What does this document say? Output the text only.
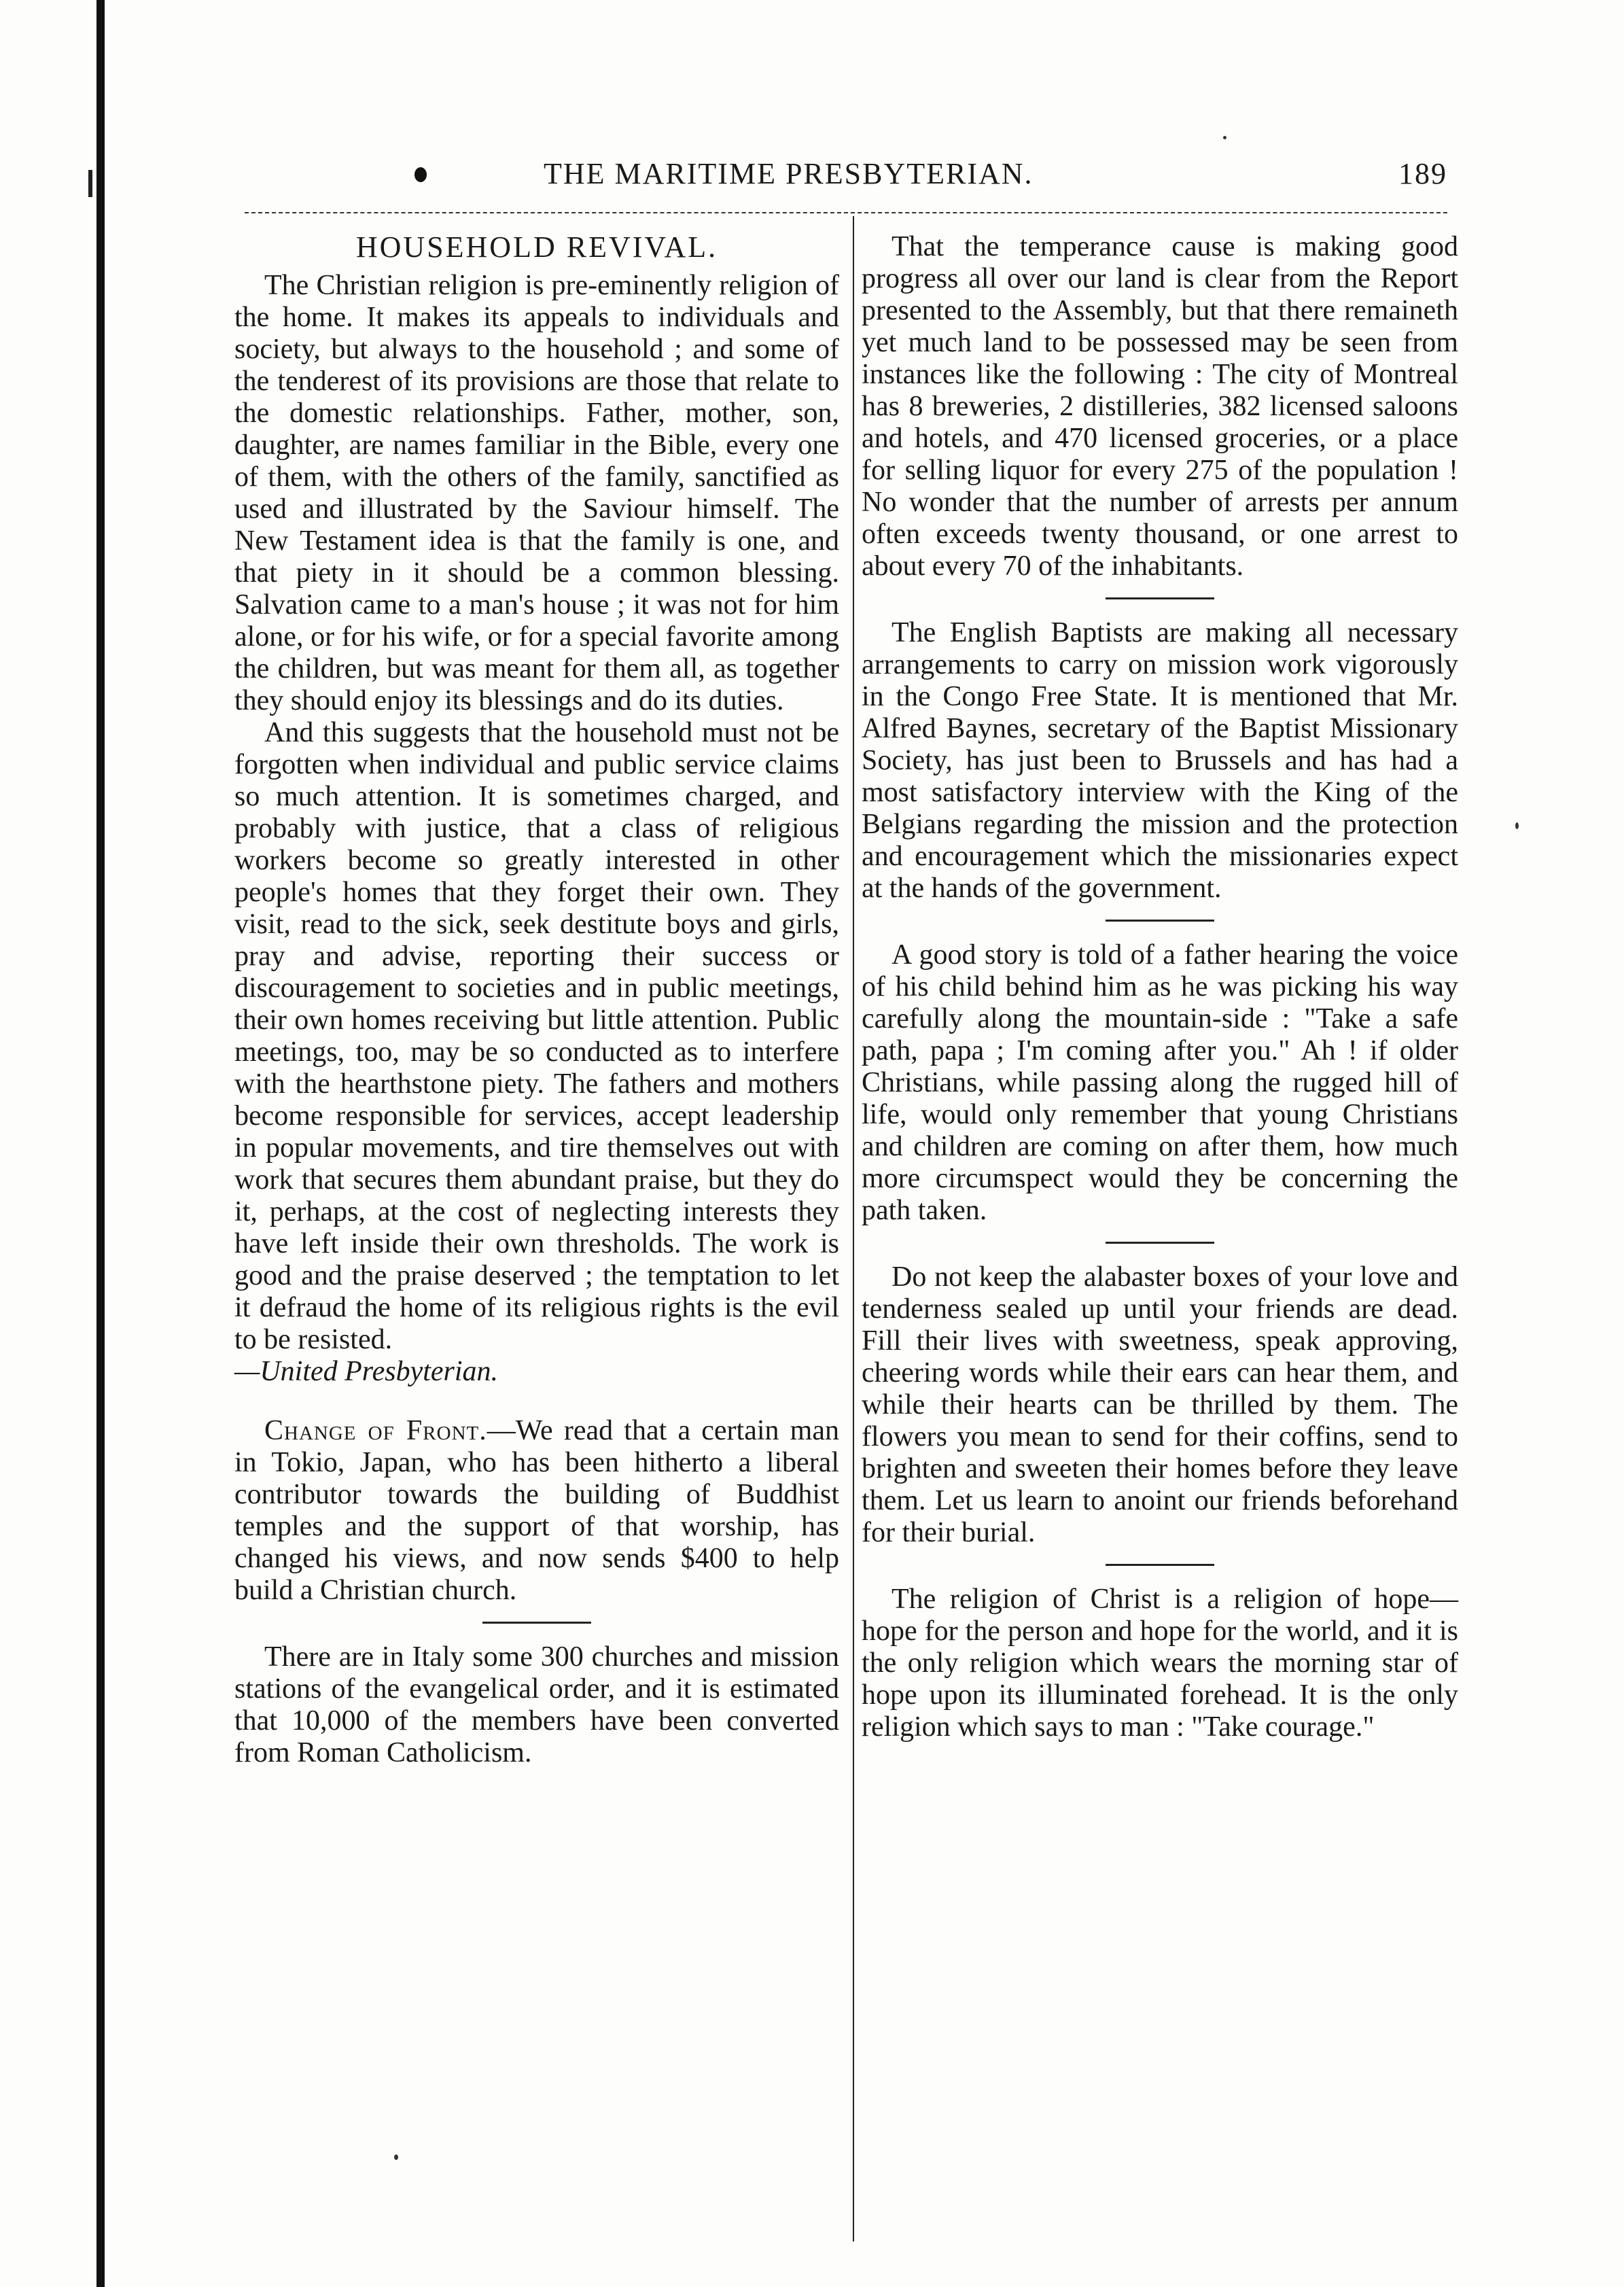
THE MARITIME PRESBYTERIAN.	189
HOUSEHOLD REVIVAL.

The Christian religion is pre-eminently religion of the home. It makes its appeals to individuals and society, but always to the household ; and some of the tenderest of its provisions are those that relate to the domestic relationships. Father, mother, son, daughter, are names familiar in the Bible, every one of them, with the others of the family, sanctified as used and illustrated by the Saviour himself. The New Testament idea is that the family is one, and that piety in it should be a common blessing. Salvation came to a man's house ; it was not for him alone, or for his wife, or for a special favorite among the children, but was meant for them all, as together they should enjoy its blessings and do its duties.

And this suggests that the household must not be forgotten when individual and public service claims so much attention. It is sometimes charged, and probably with justice, that a class of religious workers become so greatly interested in other people's homes that they forget their own. They visit, read to the sick, seek destitute boys and girls, pray and advise, reporting their success or discouragement to societies and in public meetings, their own homes receiving but little attention. Public meetings, too, may be so conducted as to interfere with the hearthstone piety. The fathers and mothers become responsible for services, accept leadership in popular movements, and tire themselves out with work that secures them abundant praise, but they do it, perhaps, at the cost of neglecting interests they have left inside their own thresholds. The work is good and the praise deserved ; the temptation to let it defraud the home of its religious rights is the evil to be resisted.

—United Presbyterian.

Change of Front.—We read that a certain man in Tokio, Japan, who has been hitherto a liberal contributor towards the building of Buddhist temples and the support of that worship, has changed his views, and now sends $400 to help build a Christian church.

There are in Italy some 300 churches and mission stations of the evangelical order, and it is estimated that 10,000 of the members have been converted from Roman Catholicism.

That the temperance cause is making good progress all over our land is clear from the Report presented to the Assembly, but that there remaineth yet much land to be possessed may be seen from instances like the following : The city of Montreal has 8 breweries, 2 distilleries, 382 licensed saloons and hotels, and 470 licensed groceries, or a place for selling liquor for every 275 of the population ! No wonder that the number of arrests per annum often exceeds twenty thousand, or one arrest to about every 70 of the inhabitants.

The English Baptists are making all necessary arrangements to carry on mission work vigorously in the Congo Free State. It is mentioned that Mr. Alfred Baynes, secretary of the Baptist Missionary Society, has just been to Brussels and has had a most satisfactory interview with the King of the Belgians regarding the mission and the protection and encouragement which the missionaries expect at the hands of the government.

A good story is told of a father hearing the voice of his child behind him as he was picking his way carefully along the mountain-side : "Take a safe path, papa ; I'm coming after you." Ah ! if older Christians, while passing along the rugged hill of life, would only remember that young Christians and children are coming on after them, how much more circumspect would they be concerning the path taken.

Do not keep the alabaster boxes of your love and tenderness sealed up until your friends are dead. Fill their lives with sweetness, speak approving, cheering words while their ears can hear them, and while their hearts can be thrilled by them. The flowers you mean to send for their coffins, send to brighten and sweeten their homes before they leave them. Let us learn to anoint our friends beforehand for their burial.

The religion of Christ is a religion of hope—hope for the person and hope for the world, and it is the only religion which wears the morning star of hope upon its illuminated forehead. It is the only religion which says to man : "Take courage."
